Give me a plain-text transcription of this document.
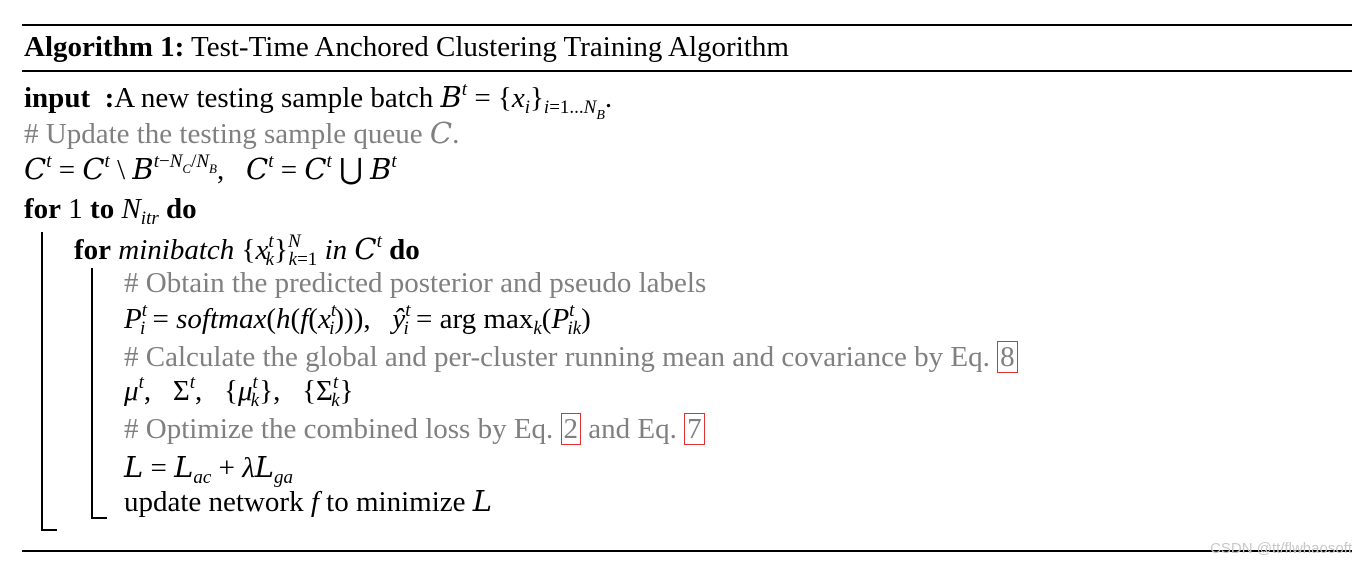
Algorithm 1: Test-Time Anchored Clustering Training Algorithm
input :A new testing sample batch $B^t = \{x_i\}_{i=1...N_B}$.
# Update the testing sample queue C.
$C^t = C^t$ \ $B^{t-N_C/N_B}$,   $C^t = C^t$ ⋃ $B^t$
for 1 to $N_{itr}$ do
for minibatch $\{x^t_k\}^N_{k=1}$ in $C^t$ do
# Obtain the predicted posterior and pseudo labels
$P^t_i$ = $softmax(h(f(x^t_i)))$,   $ŷ^t_i$ = arg $\max_k(P^t_{ik})$
# Calculate the global and per-cluster running mean and covariance by Eq. 8
$\mu^t$,   $\Sigma^t$,   $\{\mu^t_k\}$,   $\{\Sigma^t_k\}$
# Optimize the combined loss by Eq. 2 and Eq. 7
$L = L_{ac} + \lambda L_{ga}$
update network f to minimize L
CSDN @tt/flwhaosoft
